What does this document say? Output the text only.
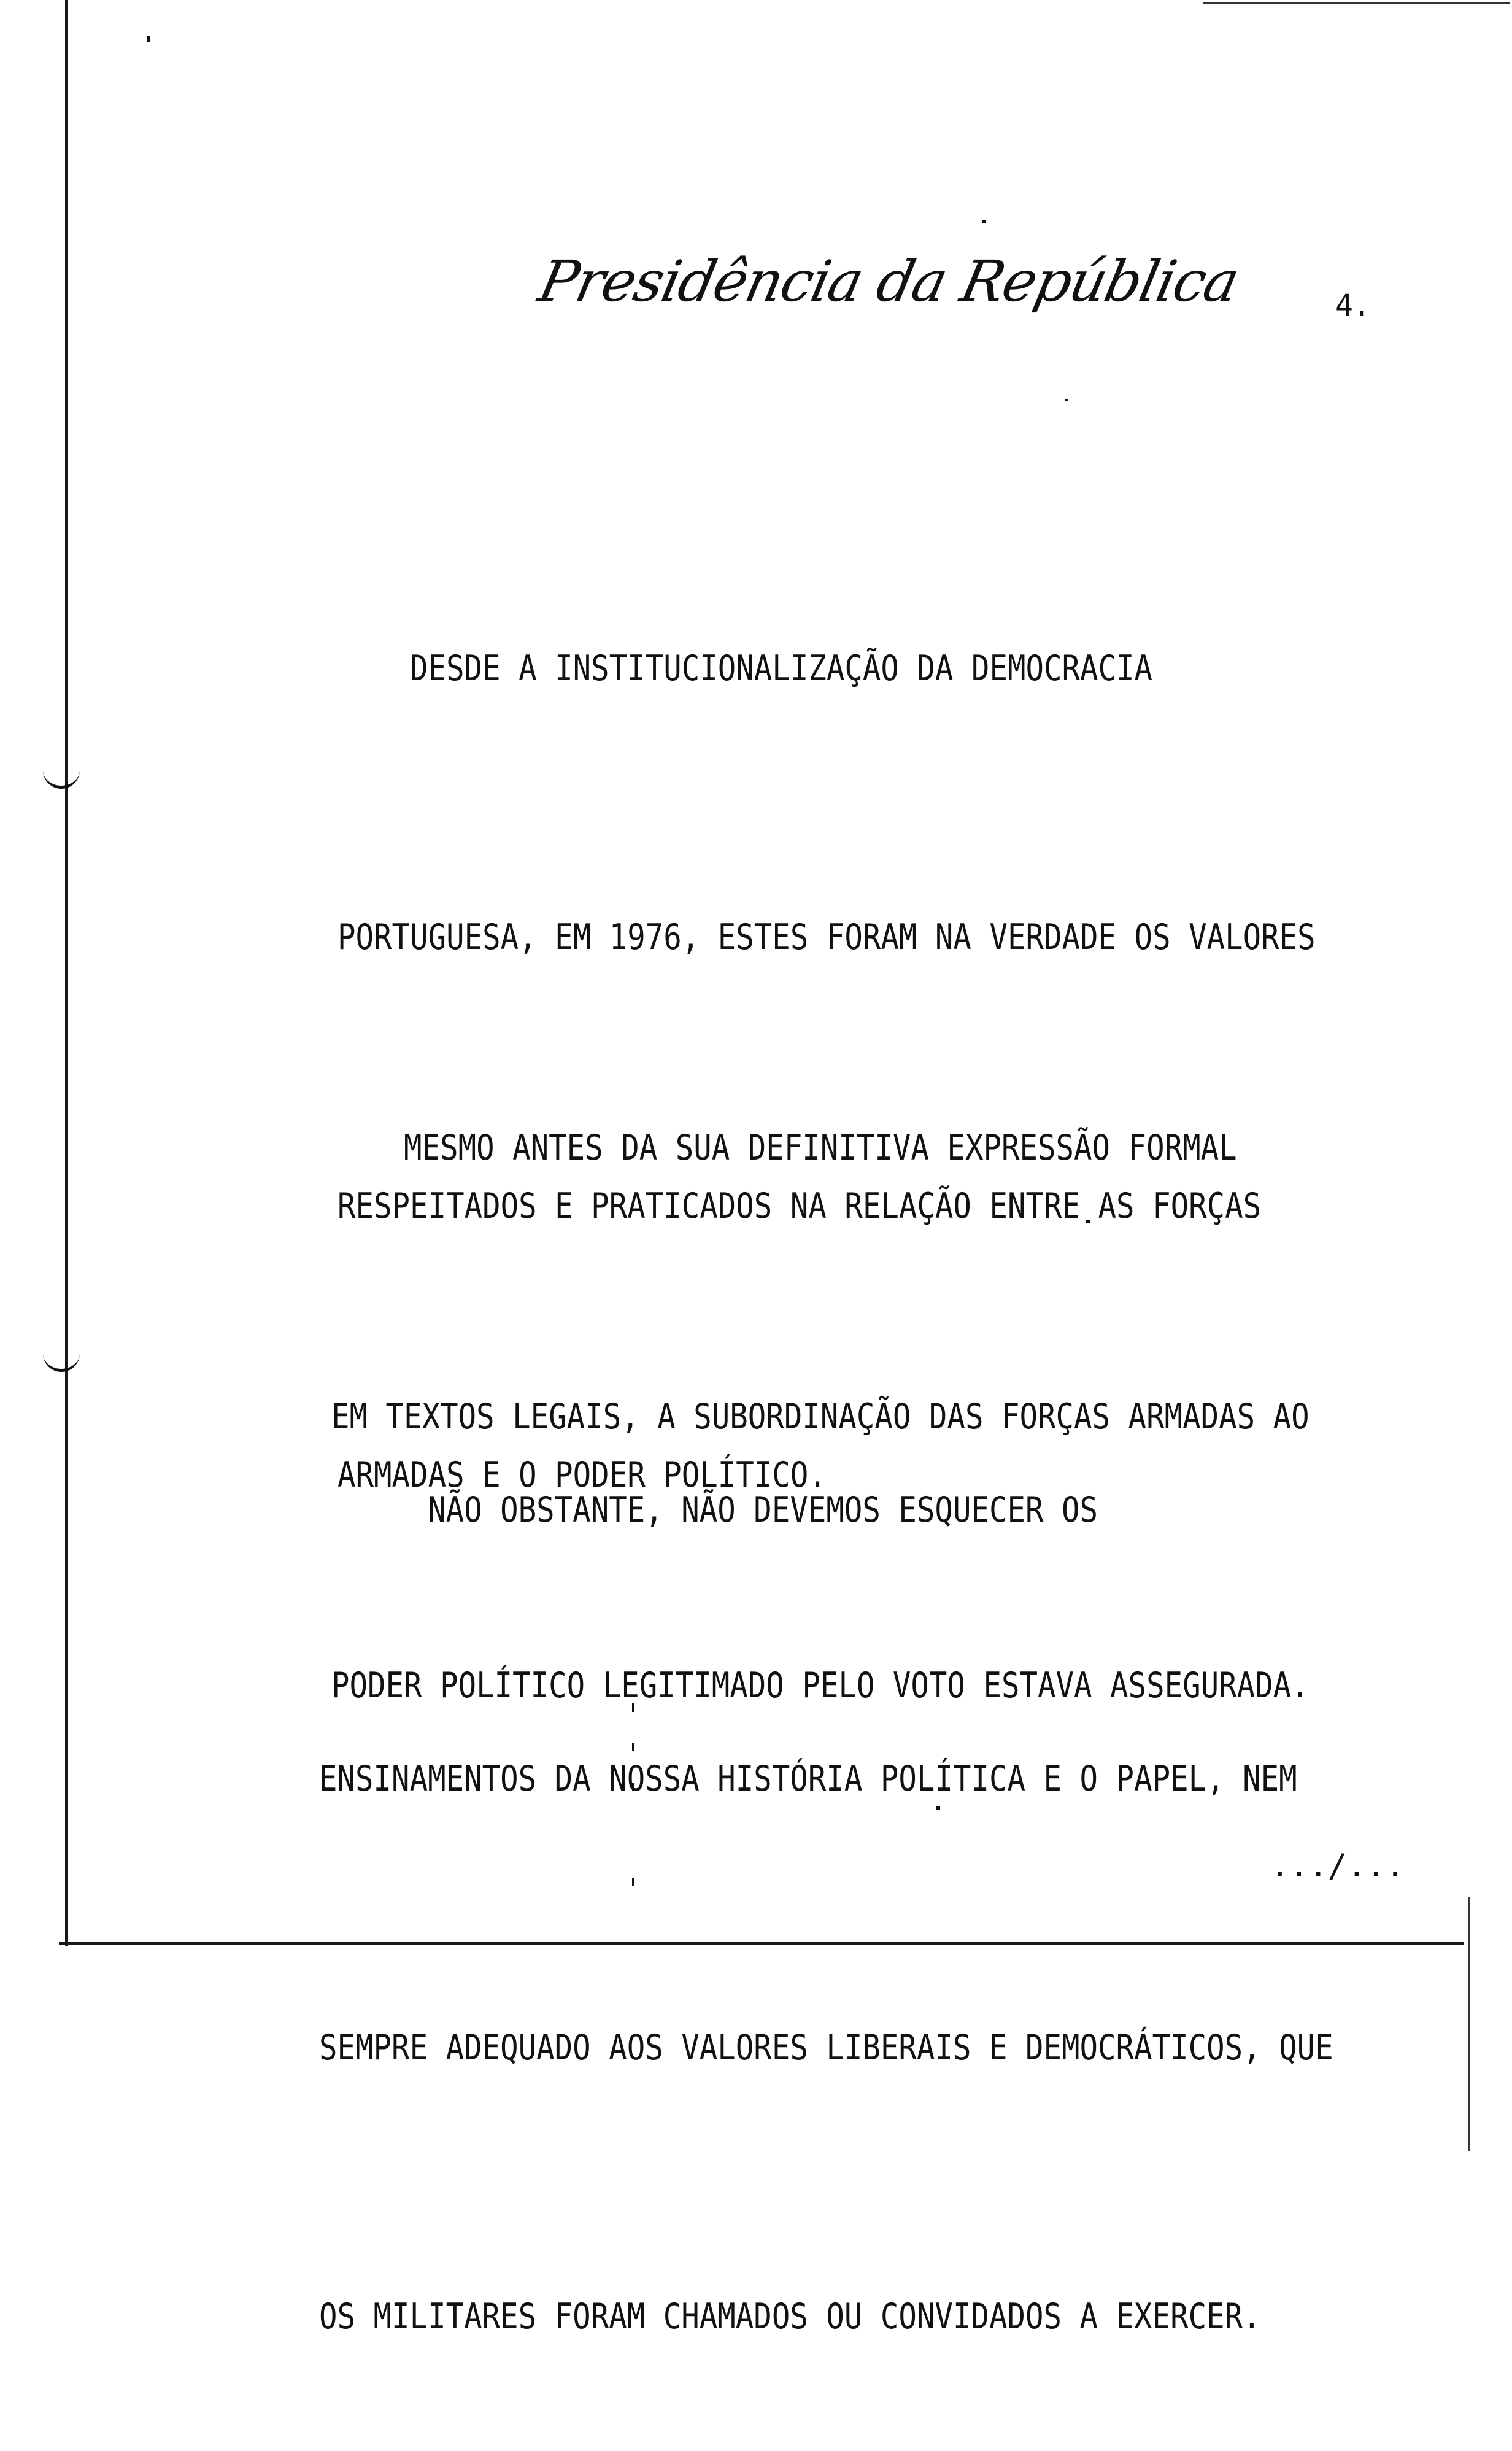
Presidência da República	4.

DESDE A INSTITUCIONALIZAÇÃO DA DEMOCRACIA

PORTUGUESA, EM 1976, ESTES FORAM NA VERDADE OS VALORES

RESPEITADOS E PRATICADOS NA RELAÇÃO ENTRE AS FORÇAS

ARMADAS E O PODER POLÍTICO.

MESMO ANTES DA SUA DEFINITIVA EXPRESSÃO FORMAL

EM TEXTOS LEGAIS, A SUBORDINAÇÃO DAS FORÇAS ARMADAS AO

PODER POLÍTICO LEGITIMADO PELO VOTO ESTAVA ASSEGURADA.

NÃO OBSTANTE, NÃO DEVEMOS ESQUECER OS

ENSINAMENTOS DA NOSSA HISTÓRIA POLÍTICA E O PAPEL, NEM

SEMPRE ADEQUADO AOS VALORES LIBERAIS E DEMOCRÁTICOS, QUE

OS MILITARES FORAM CHAMADOS OU CONVIDADOS A EXERCER.

.../...
